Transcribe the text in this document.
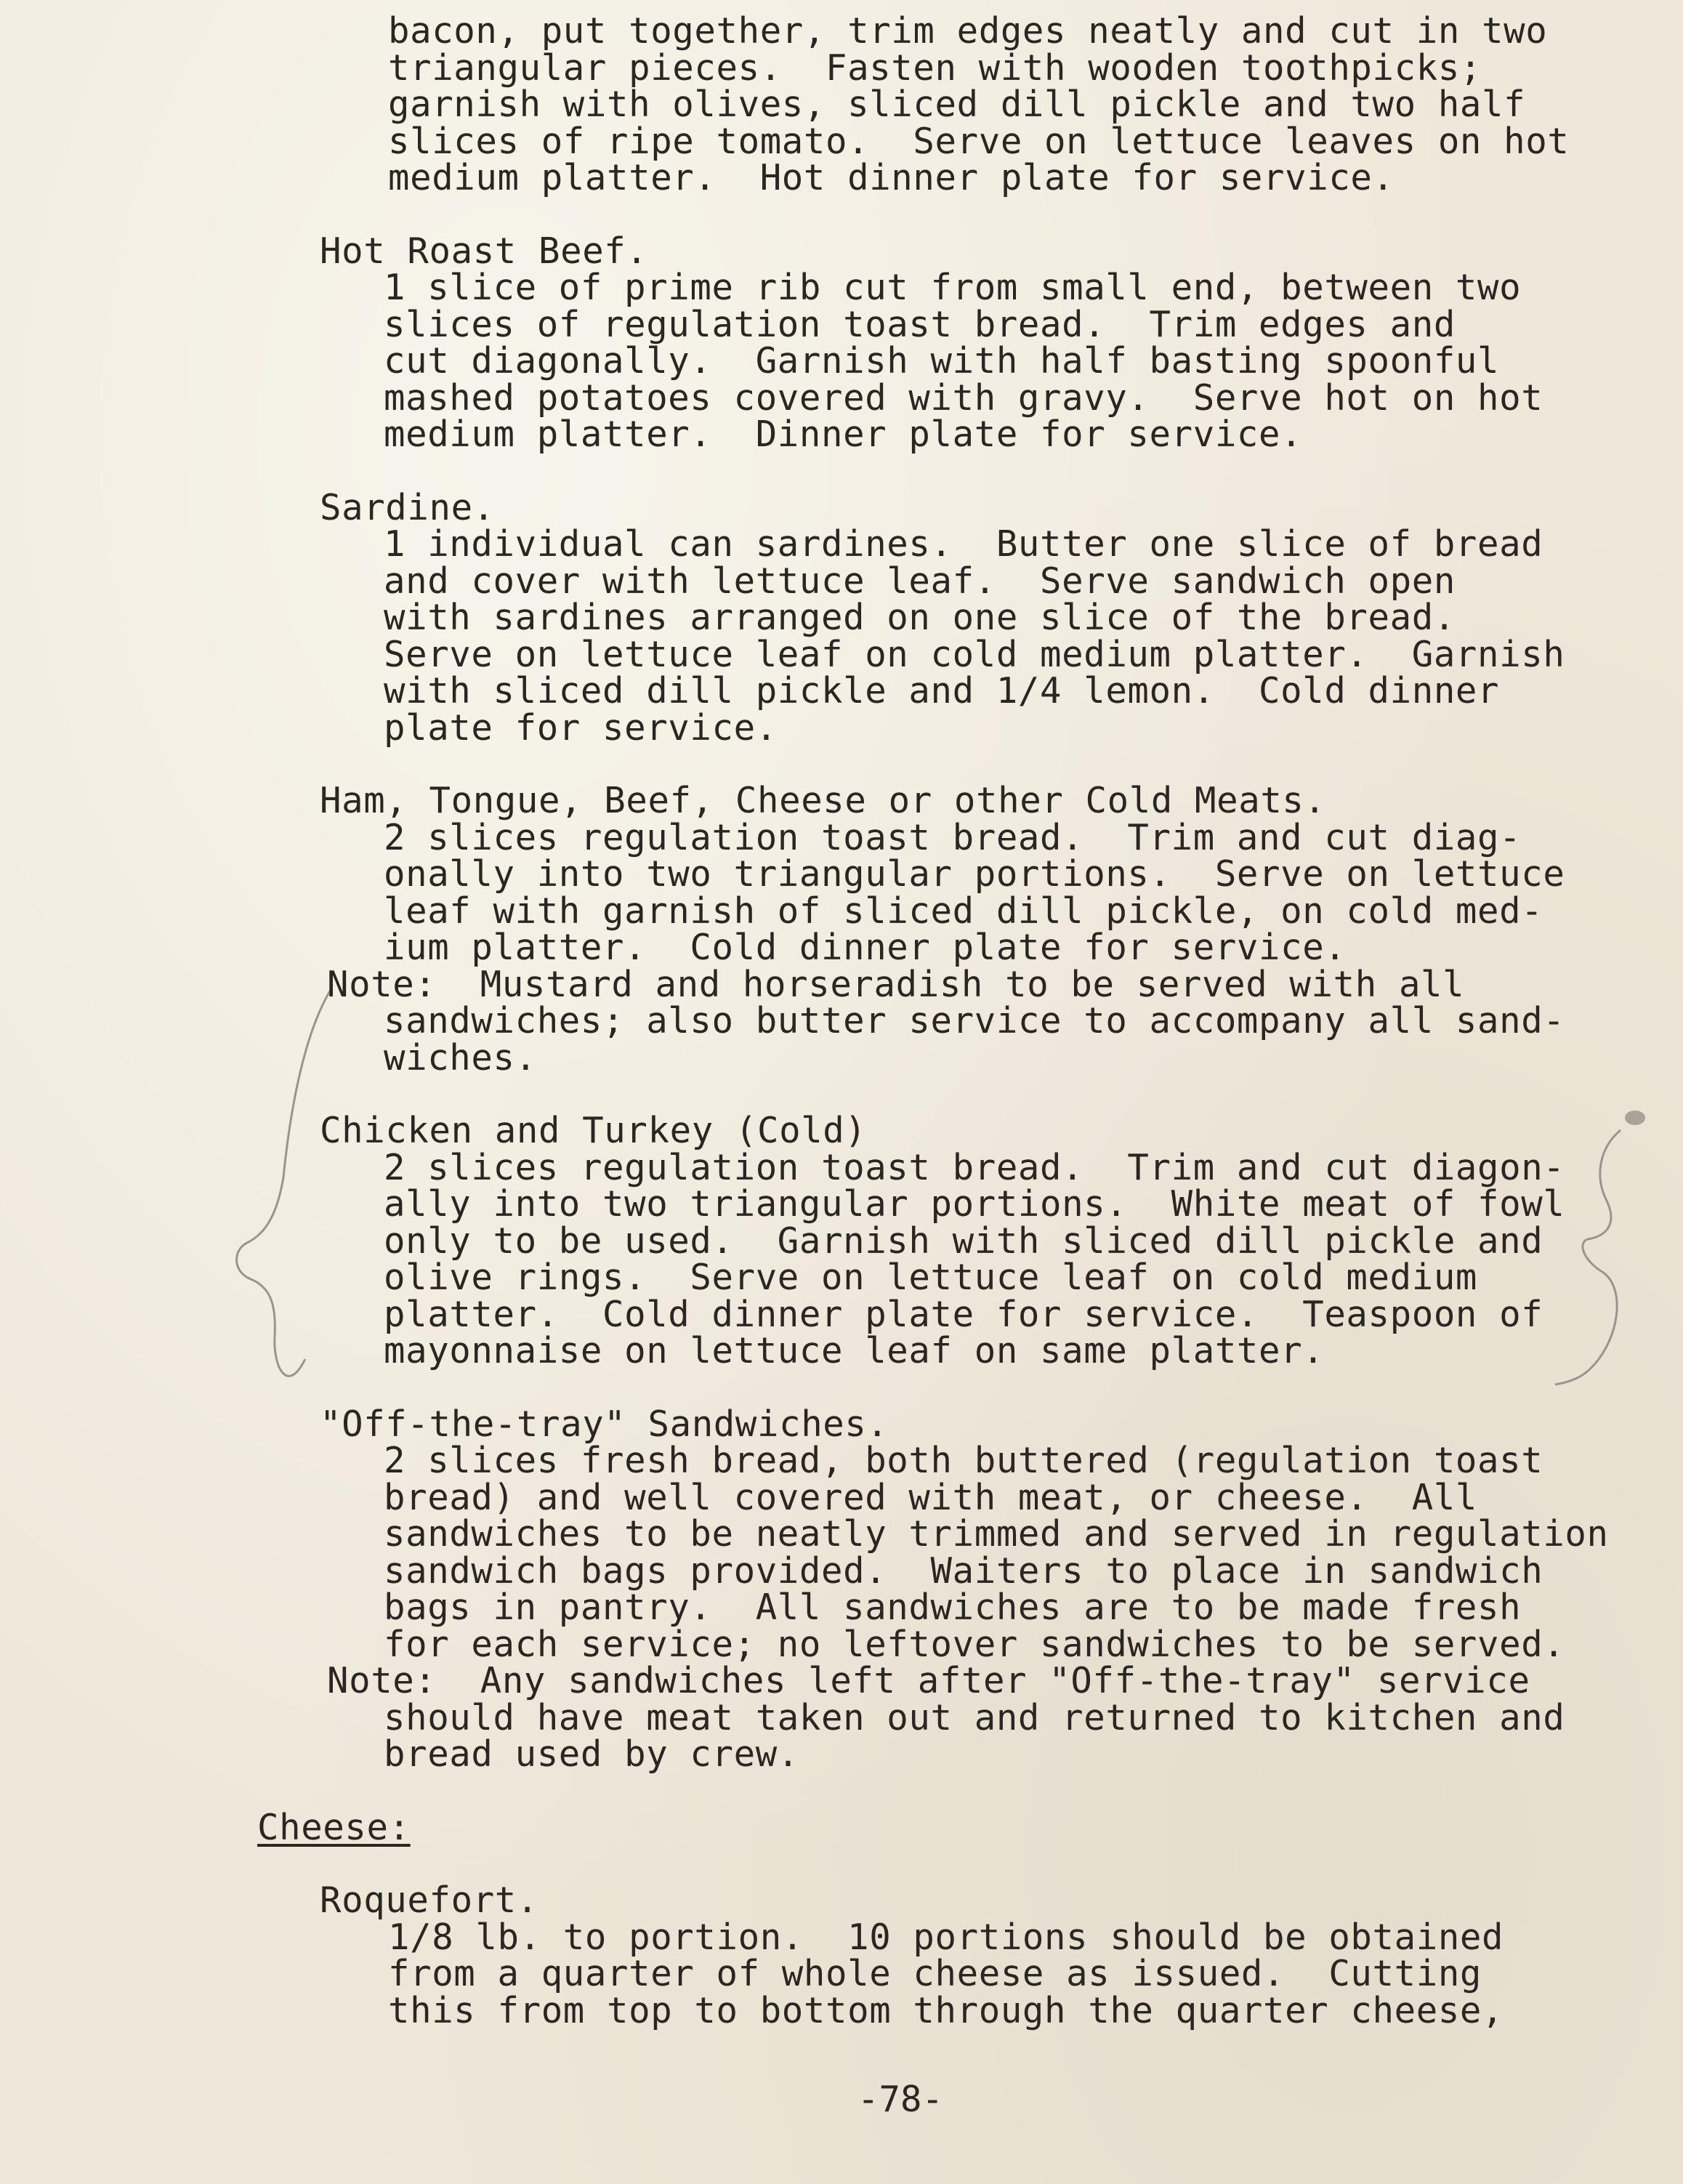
bacon, put together, trim edges neatly and cut in two
triangular pieces.  Fasten with wooden toothpicks;
garnish with olives, sliced dill pickle and two half
slices of ripe tomato.  Serve on lettuce leaves on hot
medium platter.  Hot dinner plate for service.
Hot Roast Beef.
1 slice of prime rib cut from small end, between two
slices of regulation toast bread.  Trim edges and
cut diagonally.  Garnish with half basting spoonful
mashed potatoes covered with gravy.  Serve hot on hot
medium platter.  Dinner plate for service.
Sardine.
1 individual can sardines.  Butter one slice of bread
and cover with lettuce leaf.  Serve sandwich open
with sardines arranged on one slice of the bread.
Serve on lettuce leaf on cold medium platter.  Garnish
with sliced dill pickle and 1/4 lemon.  Cold dinner
plate for service.
Ham, Tongue, Beef, Cheese or other Cold Meats.
2 slices regulation toast bread.  Trim and cut diag-
onally into two triangular portions.  Serve on lettuce
leaf with garnish of sliced dill pickle, on cold med-
ium platter.  Cold dinner plate for service.
Note: Mustard and horseradish to be served with all
sandwiches; also butter service to accompany all sand-
wiches.
Chicken and Turkey (Cold)
2 slices regulation toast bread.  Trim and cut diagon-
ally into two triangular portions.  White meat of fowl
only to be used.  Garnish with sliced dill pickle and
olive rings.  Serve on lettuce leaf on cold medium
platter.  Cold dinner plate for service.  Teaspoon of
mayonnaise on lettuce leaf on same platter.
"Off-the-tray" Sandwiches.
2 slices fresh bread, both buttered (regulation toast
bread) and well covered with meat, or cheese.  All
sandwiches to be neatly trimmed and served in regulation
sandwich bags provided.  Waiters to place in sandwich
bags in pantry.  All sandwiches are to be made fresh
for each service; no leftover sandwiches to be served.
Note: Any sandwiches left after "Off-the-tray" service
should have meat taken out and returned to kitchen and
bread used by crew.
Cheese:
Roquefort.
1/8 lb. to portion.  10 portions should be obtained
from a quarter of whole cheese as issued.  Cutting
this from top to bottom through the quarter cheese,
-78-
